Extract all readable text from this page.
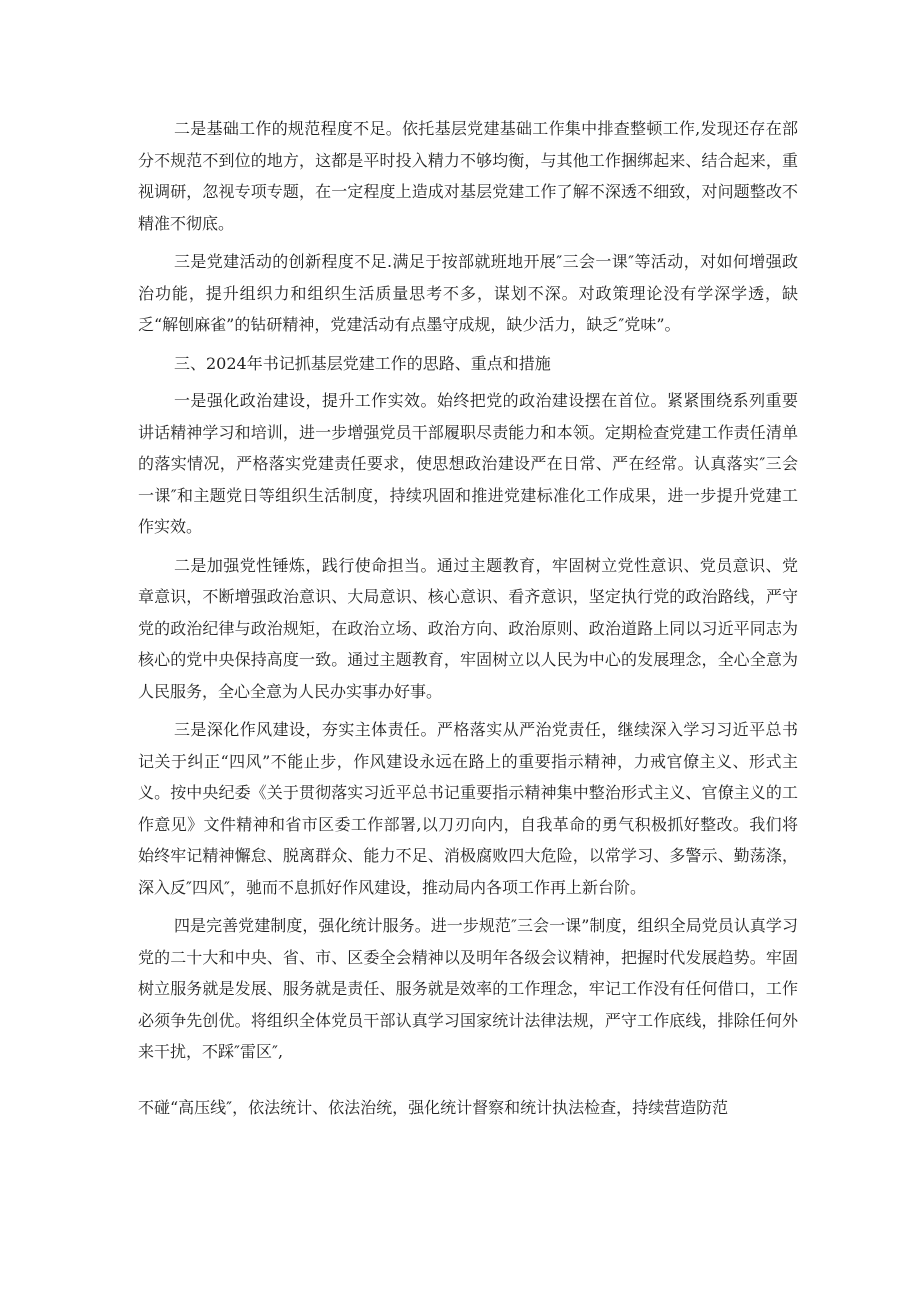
二是基础工作的规范程度不足。依托基层党建基础工作集中排查整顿工作,发现还存在部分不规范不到位的地方，这都是平时投入精力不够均衡，与其他工作捆绑起来、结合起来，重视调研，忽视专项专题，在一定程度上造成对基层党建工作了解不深透不细致，对问题整改不精准不彻底。

三是党建活动的创新程度不足.满足于按部就班地开展″三会一课″等活动，对如何增强政治功能，提升组织力和组织生活质量思考不多，谋划不深。对政策理论没有学深学透，缺乏“解刨麻雀”的钻研精神，党建活动有点墨守成规，缺少活力，缺乏″党味”。

三、2024年书记抓基层党建工作的思路、重点和措施

一是强化政治建设，提升工作实效。始终把党的政治建设摆在首位。紧紧围绕系列重要讲话精神学习和培训，进一步增强党员干部履职尽责能力和本领。定期检查党建工作责任清单的落实情况，严格落实党建责任要求，使思想政治建设严在日常、严在经常。认真落实″三会一课″和主题党日等组织生活制度，持续巩固和推进党建标准化工作成果，进一步提升党建工作实效。

二是加强党性锤炼，践行使命担当。通过主题教育，牢固树立党性意识、党员意识、党章意识，不断增强政治意识、大局意识、核心意识、看齐意识，坚定执行党的政治路线，严守党的政治纪律与政治规矩，在政治立场、政治方向、政治原则、政治道路上同以习近平同志为核心的党中央保持高度一致。通过主题教育，牢固树立以人民为中心的发展理念，全心全意为人民服务，全心全意为人民办实事办好事。

三是深化作风建设，夯实主体责任。严格落实从严治党责任，继续深入学习习近平总书记关于纠正“四风”不能止步，作风建设永远在路上的重要指示精神，力戒官僚主义、形式主义。按中央纪委《关于贯彻落实习近平总书记重要指示精神集中整治形式主义、官僚主义的工作意见》文件精神和省市区委工作部署,以刀刃向内，自我革命的勇气积极抓好整改。我们将始终牢记精神懈怠、脱离群众、能力不足、消极腐败四大危险，以常学习、多警示、勤荡涤，深入反″四风″，驰而不息抓好作风建设，推动局内各项工作再上新台阶。

四是完善党建制度，强化统计服务。进一步规范″三会一课”制度，组织全局党员认真学习党的二十大和中央、省、市、区委全会精神以及明年各级会议精神，把握时代发展趋势。牢固树立服务就是发展、服务就是责任、服务就是效率的工作理念，牢记工作没有任何借口，工作必须争先创优。将组织全体党员干部认真学习国家统计法律法规，严守工作底线，排除任何外来干扰，不踩″雷区″,

不碰“高压线″，依法统计、依法治统，强化统计督察和统计执法检查，持续营造防范
